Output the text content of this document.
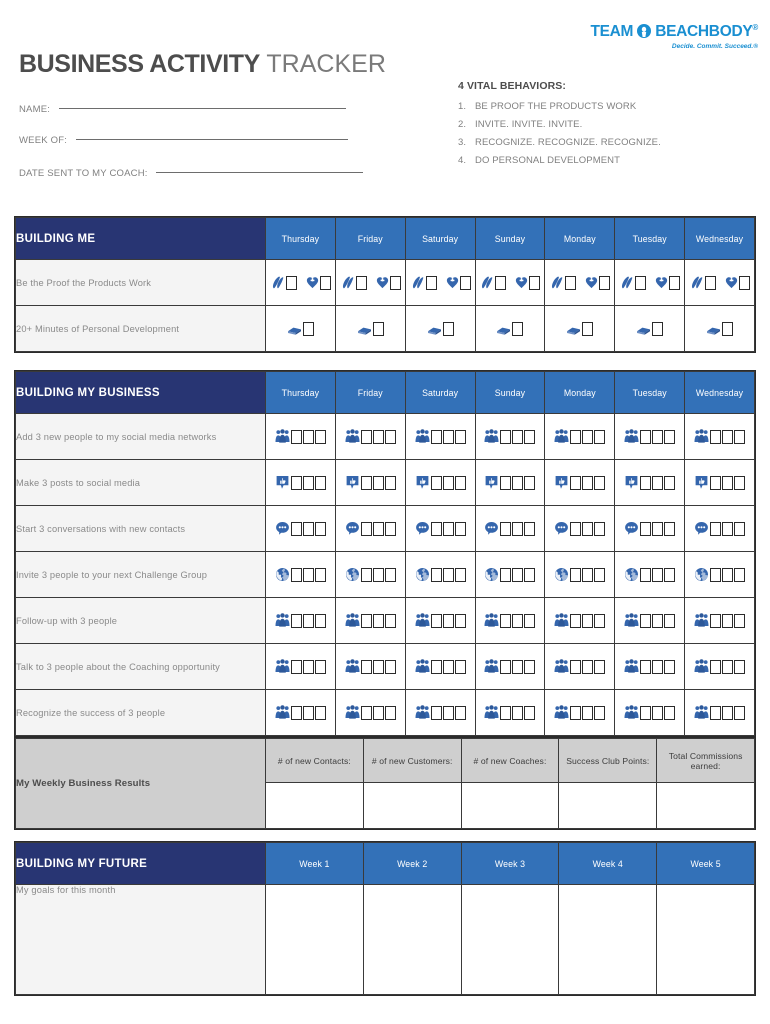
TEAM BEACHBODY®
Decide. Commit. Succeed.®
BUSINESS ACTIVITY TRACKER
NAME:
WEEK OF:
DATE SENT TO MY COACH:
4 VITAL BEHAVIORS:
1. BE PROOF THE PRODUCTS WORK
2. INVITE. INVITE. INVITE.
3. RECOGNIZE. RECOGNIZE. RECOGNIZE.
4. DO PERSONAL DEVELOPMENT
BUILDING ME	Thursday	Friday	Saturday	Sunday	Monday	Tuesday	Wednesday
Be the Proof the Products Work	

20+ Minutes of Personal Development	

BUILDING MY BUSINESS	Thursday	Friday	Saturday	Sunday	Monday	Tuesday	Wednesday
Add 3 new people to my social media networks	

Make 3 posts to social media	

Start 3 conversations with new contacts	

Invite 3 people to your next Challenge Group	

Follow-up with 3 people	

Talk to 3 people about the Coaching opportunity	

Recognize the success of 3 people	

My Weekly Business Results	# of new Contacts:	# of new Customers:	# of new Coaches:	Success Club Points:	Total Commissions earned:

BUILDING MY FUTURE	Week 1	Week 2	Week 3	Week 4	Week 5
My goals for this month					
